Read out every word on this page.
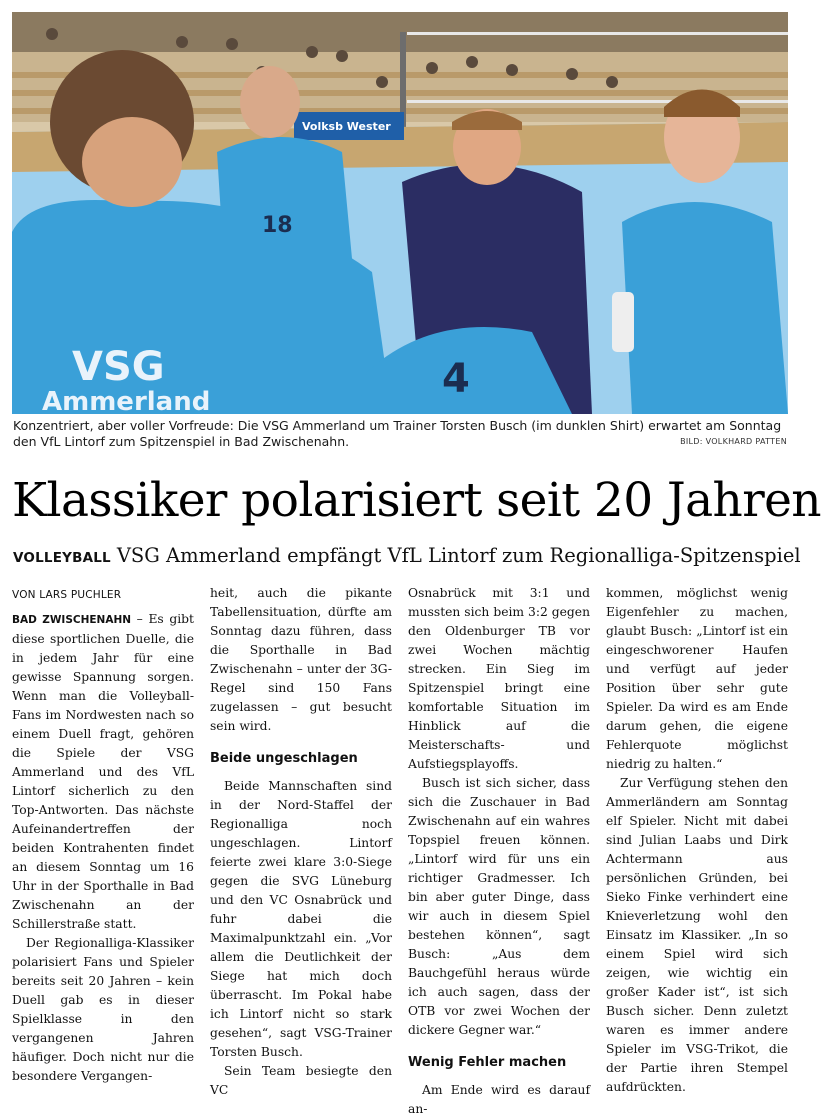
Volksb Wester
VSG
Ammerland
18
4
Konzentriert, aber voller Vorfreude: Die VSG Ammerland um Trainer Torsten Busch (im dunklen Shirt) erwartet am Sonntag den VfL Lintorf zum Spitzenspiel in Bad Zwischenahn.	BILD: VOLKHARD PATTEN
Klassiker polarisiert seit 20 Jahren
VOLLEYBALL VSG Ammerland empfängt VfL Lintorf zum Regionalliga-Spitzenspiel
VON LARS PUCHLER

BAD ZWISCHENAHN – Es gibt diese sportlichen Duelle, die in jedem Jahr für eine gewisse Spannung sorgen. Wenn man die Volleyball-Fans im Nordwesten nach so einem Duell fragt, gehören die Spiele der VSG Ammerland und des VfL Lintorf sicherlich zu den Top-Antworten. Das nächste Aufeinandertreffen der beiden Kontrahenten findet an diesem Sonntag um 16 Uhr in der Sporthalle in Bad Zwischenahn an der Schillerstraße statt.

Der Regionalliga-Klassiker polarisiert Fans und Spieler bereits seit 20 Jahren – kein Duell gab es in dieser Spielklasse in den vergangenen Jahren häufiger. Doch nicht nur die besondere Vergangen-

heit, auch die pikante Tabellensituation, dürfte am Sonntag dazu führen, dass die Sporthalle in Bad Zwischenahn – unter der 3G-Regel sind 150 Fans zugelassen – gut besucht sein wird.

Beide ungeschlagen

Beide Mannschaften sind in der Nord-Staffel der Regionalliga noch ungeschlagen. Lintorf feierte zwei klare 3:0-Siege gegen die SVG Lüneburg und den VC Osnabrück und fuhr dabei die Maximalpunktzahl ein. „Vor allem die Deutlichkeit der Siege hat mich doch überrascht. Im Pokal habe ich Lintorf nicht so stark gesehen“, sagt VSG-Trainer Torsten Busch.

Sein Team besiegte den VC

Osnabrück mit 3:1 und mussten sich beim 3:2 gegen den Oldenburger TB vor zwei Wochen mächtig strecken. Ein Sieg im Spitzenspiel bringt eine komfortable Situation im Hinblick auf die Meisterschafts- und Aufstiegsplayoffs.

Busch ist sich sicher, dass sich die Zuschauer in Bad Zwischenahn auf ein wahres Topspiel freuen können. „Lintorf wird für uns ein richtiger Gradmesser. Ich bin aber guter Dinge, dass wir auch in diesem Spiel bestehen können“, sagt Busch: „Aus dem Bauchgefühl heraus würde ich auch sagen, dass der OTB vor zwei Wochen der dickere Gegner war.“

Wenig Fehler machen

Am Ende wird es darauf an-

kommen, möglichst wenig Eigenfehler zu machen, glaubt Busch: „Lintorf ist ein eingeschworener Haufen und verfügt auf jeder Position über sehr gute Spieler. Da wird es am Ende darum gehen, die eigene Fehlerquote möglichst niedrig zu halten.“

Zur Verfügung stehen den Ammerländern am Sonntag elf Spieler. Nicht mit dabei sind Julian Laabs und Dirk Achtermann aus persönlichen Gründen, bei Sieko Finke verhindert eine Knieverletzung wohl den Einsatz im Klassiker. „In so einem Spiel wird sich zeigen, wie wichtig ein großer Kader ist“, ist sich Busch sicher. Denn zuletzt waren es immer andere Spieler im VSG-Trikot, die der Partie ihren Stempel aufdrückten.
